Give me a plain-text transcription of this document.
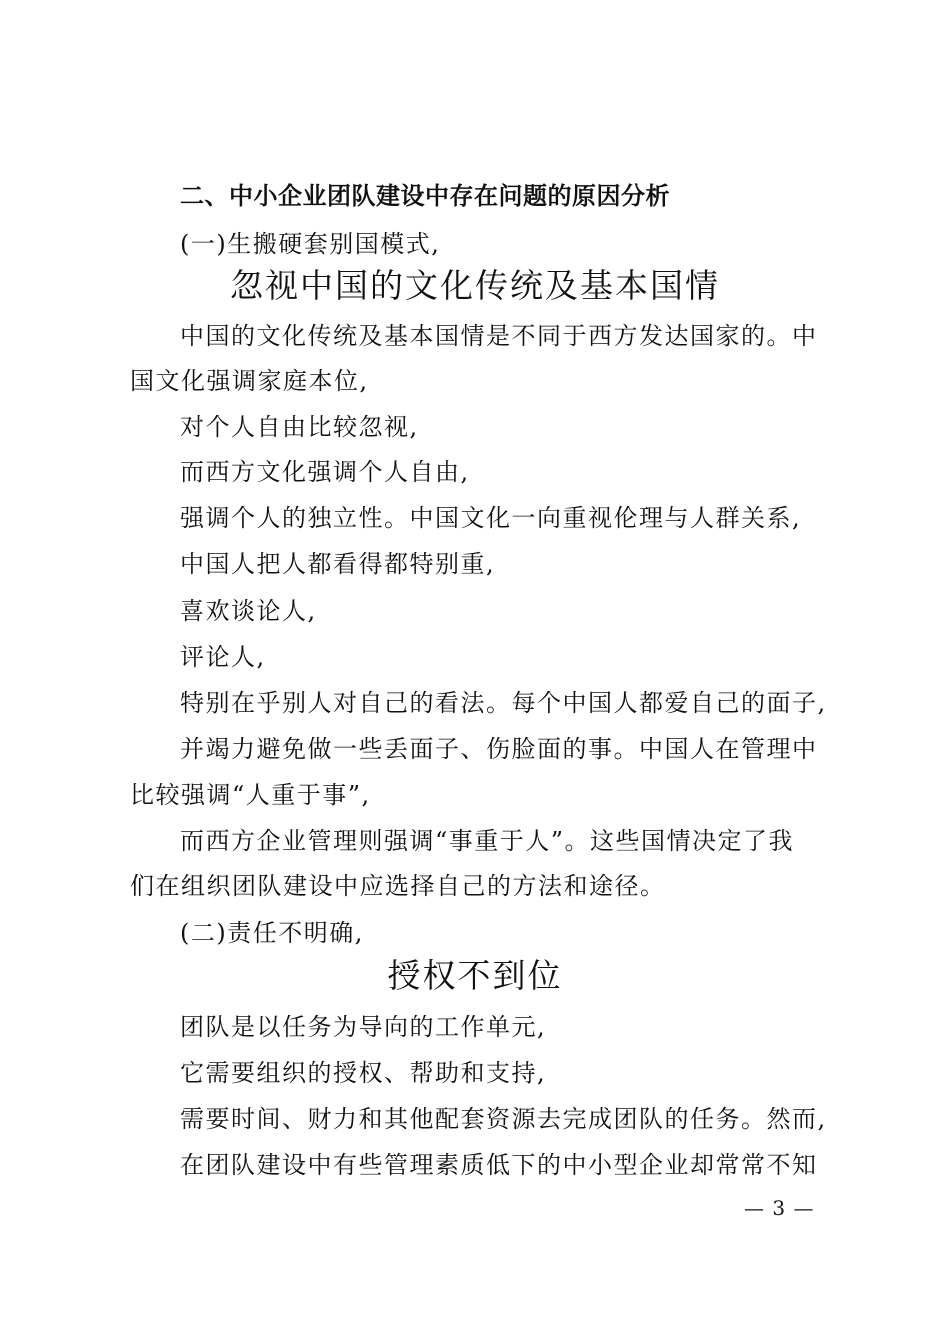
二、中小企业团队建设中存在问题的原因分析

(一)生搬硬套别国模式,

忽视中国的文化传统及基本国情

中国的文化传统及基本国情是不同于西方发达国家的。中

国文化强调家庭本位,

对个人自由比较忽视,

而西方文化强调个人自由,

强调个人的独立性。中国文化一向重视伦理与人群关系,

中国人把人都看得都特别重,

喜欢谈论人,

评论人,

特别在乎别人对自己的看法。每个中国人都爱自己的面子,

并竭力避免做一些丢面子、伤脸面的事。中国人在管理中

比较强调“人重于事”,

而西方企业管理则强调“事重于人”。这些国情决定了我

们在组织团队建设中应选择自己的方法和途径。

(二)责任不明确,

授权不到位

团队是以任务为导向的工作单元,

它需要组织的授权、帮助和支持,

需要时间、财力和其他配套资源去完成团队的任务。然而,

在团队建设中有些管理素质低下的中小型企业却常常不知

— 3 —
